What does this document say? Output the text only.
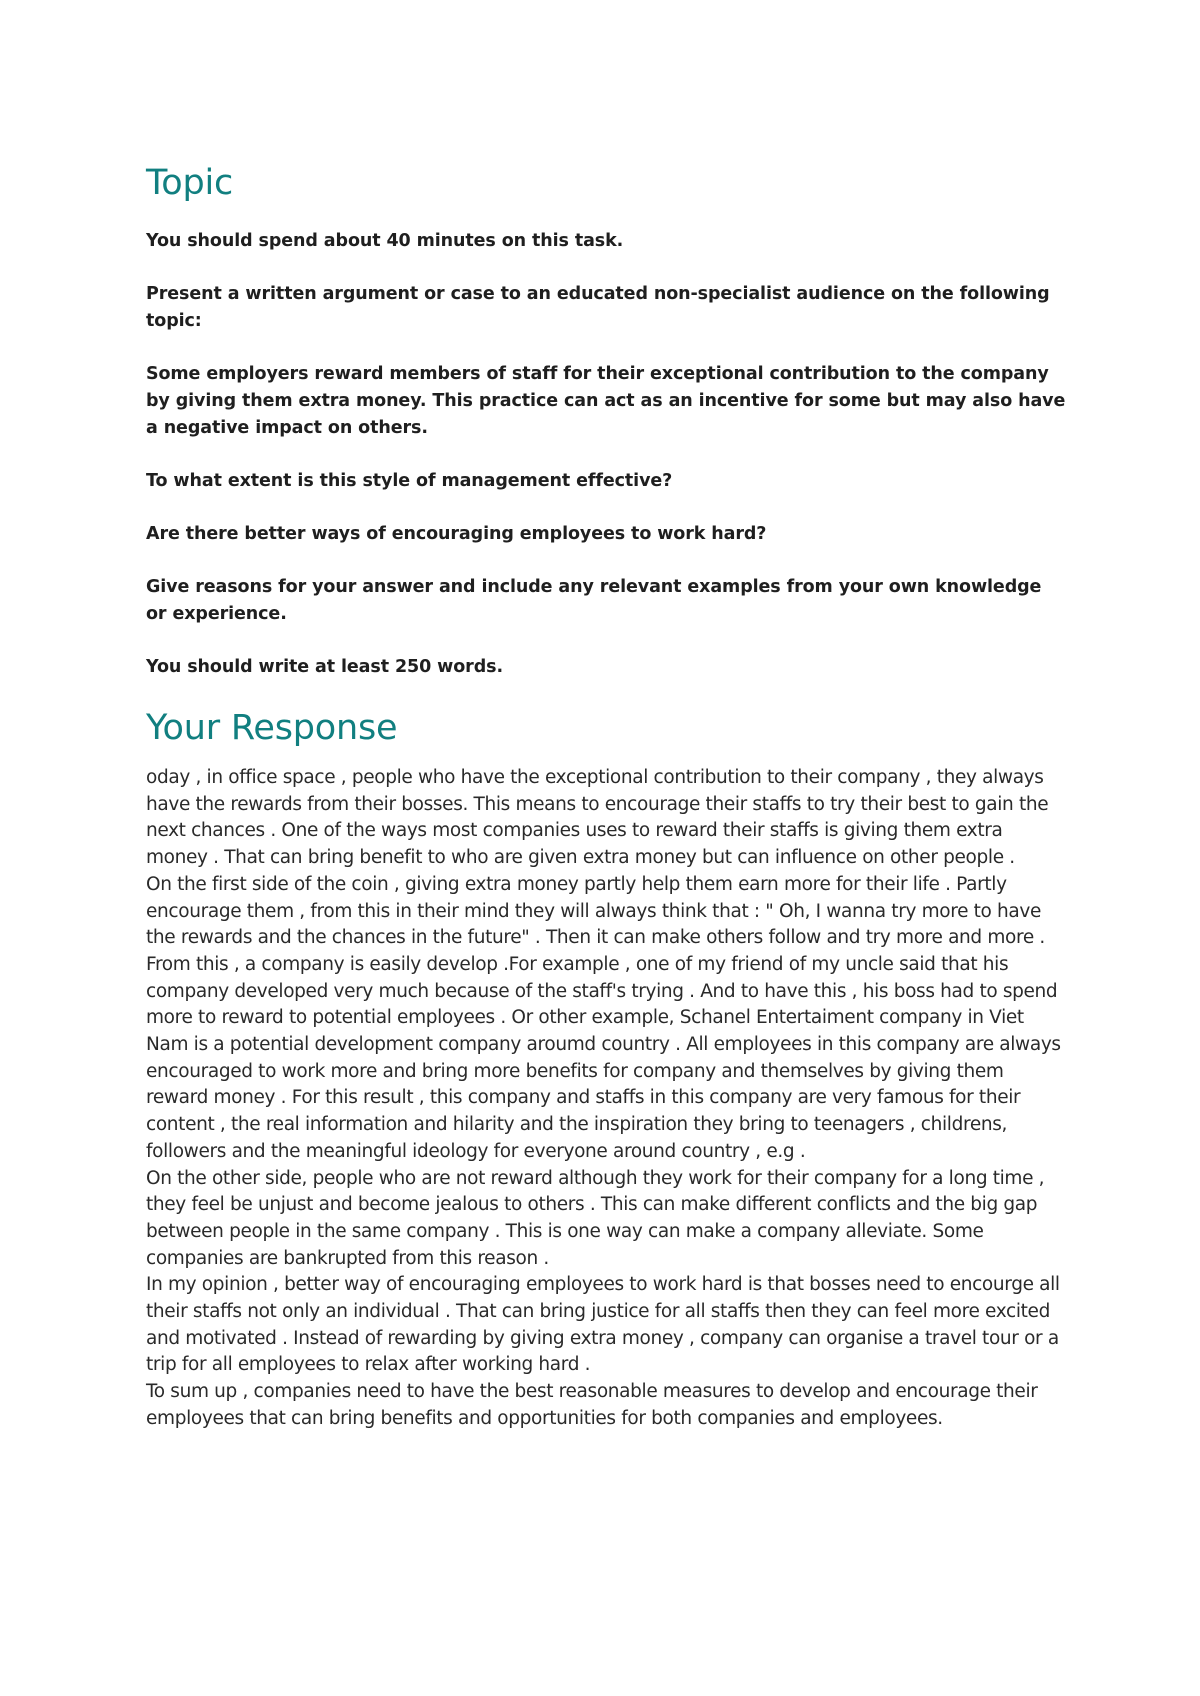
Topic

You should spend about 40 minutes on this task.

Present a written argument or case to an educated non-specialist audience on the following topic:

Some employers reward members of staff for their exceptional contribution to the company by giving them extra money. This practice can act as an incentive for some but may also have a negative impact on others.

To what extent is this style of management effective?

Are there better ways of encouraging employees to work hard?

Give reasons for your answer and include any relevant examples from your own knowledge or experience.

You should write at least 250 words.

Your Response

oday , in office space , people who have the exceptional contribution to their company , they always have the rewards from their bosses. This means to encourage their staffs to try their best to gain the next chances . One of the ways most companies uses to reward their staffs is giving them extra money . That can bring benefit to who are given extra money but can influence on other people .

On the first side of the coin , giving extra money partly help them earn more for their life . Partly encourage them , from this in their mind they will always think that : " Oh, I wanna try more to have the rewards and the chances in the future" . Then it can make others follow and try more and more . From this , a company is easily develop .For example , one of my friend of my uncle said that his company developed very much because of the staff's trying . And to have this , his boss had to spend more to reward to potential employees . Or other example, Schanel Entertaiment company in Viet Nam is a potential development company aroumd country . All employees in this company are always encouraged to work more and bring more benefits for company and themselves by giving them reward money . For this result , this company and staffs in this company are very famous for their content , the real information and hilarity and the inspiration they bring to teenagers , childrens, followers and the meaningful ideology for everyone around country , e.g .

On the other side, people who are not reward although they work for their company for a long time , they feel be unjust and become jealous to others . This can make different conflicts and the big gap between people in the same company . This is one way can make a company alleviate. Some companies are bankrupted from this reason .

In my opinion , better way of encouraging employees to work hard is that bosses need to encourge all their staffs not only an individual . That can bring justice for all staffs then they can feel more excited and motivated . Instead of rewarding by giving extra money , company can organise a travel tour or a trip for all employees to relax after working hard .

To sum up , companies need to have the best reasonable measures to develop and encourage their employees that can bring benefits and opportunities for both companies and employees.
